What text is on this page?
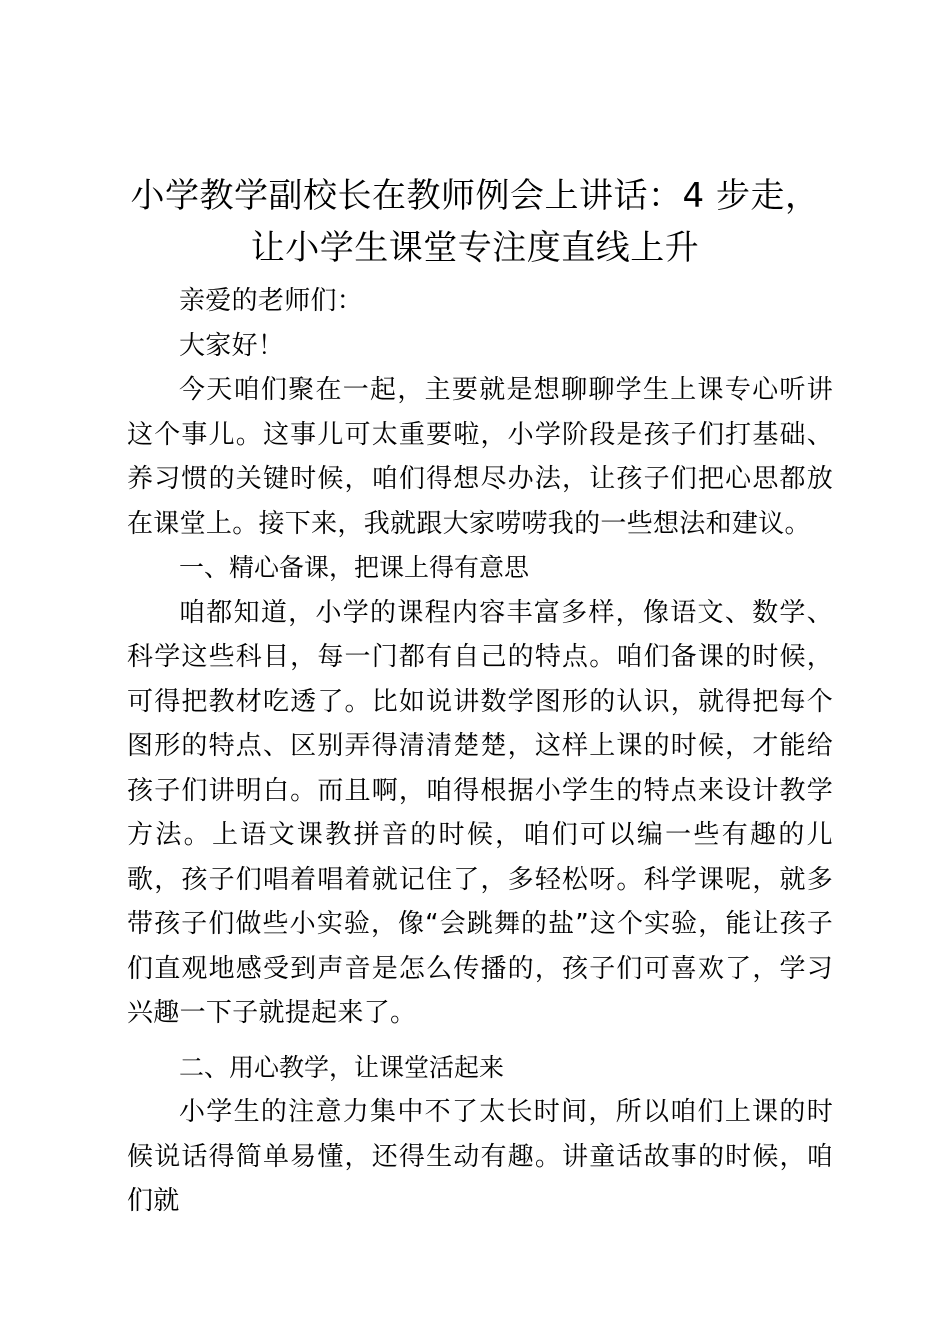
小学教学副校长在教师例会上讲话：4 步走，
让小学生课堂专注度直线上升

亲爱的老师们：

大家好！

今天咱们聚在一起，主要就是想聊聊学生上课专心听讲这个事儿。这事儿可太重要啦，小学阶段是孩子们打基础、养习惯的关键时候，咱们得想尽办法，让孩子们把心思都放在课堂上。接下来，我就跟大家唠唠我的一些想法和建议。

一、精心备课，把课上得有意思

咱都知道，小学的课程内容丰富多样，像语文、数学、科学这些科目，每一门都有自己的特点。咱们备课的时候，可得把教材吃透了。比如说讲数学图形的认识，就得把每个图形的特点、区别弄得清清楚楚，这样上课的时候，才能给孩子们讲明白。而且啊，咱得根据小学生的特点来设计教学方法。上语文课教拼音的时候，咱们可以编一些有趣的儿歌，孩子们唱着唱着就记住了，多轻松呀。科学课呢，就多带孩子们做些小实验，像“会跳舞的盐”这个实验，能让孩子们直观地感受到声音是怎么传播的，孩子们可喜欢了，学习兴趣一下子就提起来了。

二、用心教学，让课堂活起来

小学生的注意力集中不了太长时间，所以咱们上课的时候说话得简单易懂，还得生动有趣。讲童话故事的时候，咱们就
